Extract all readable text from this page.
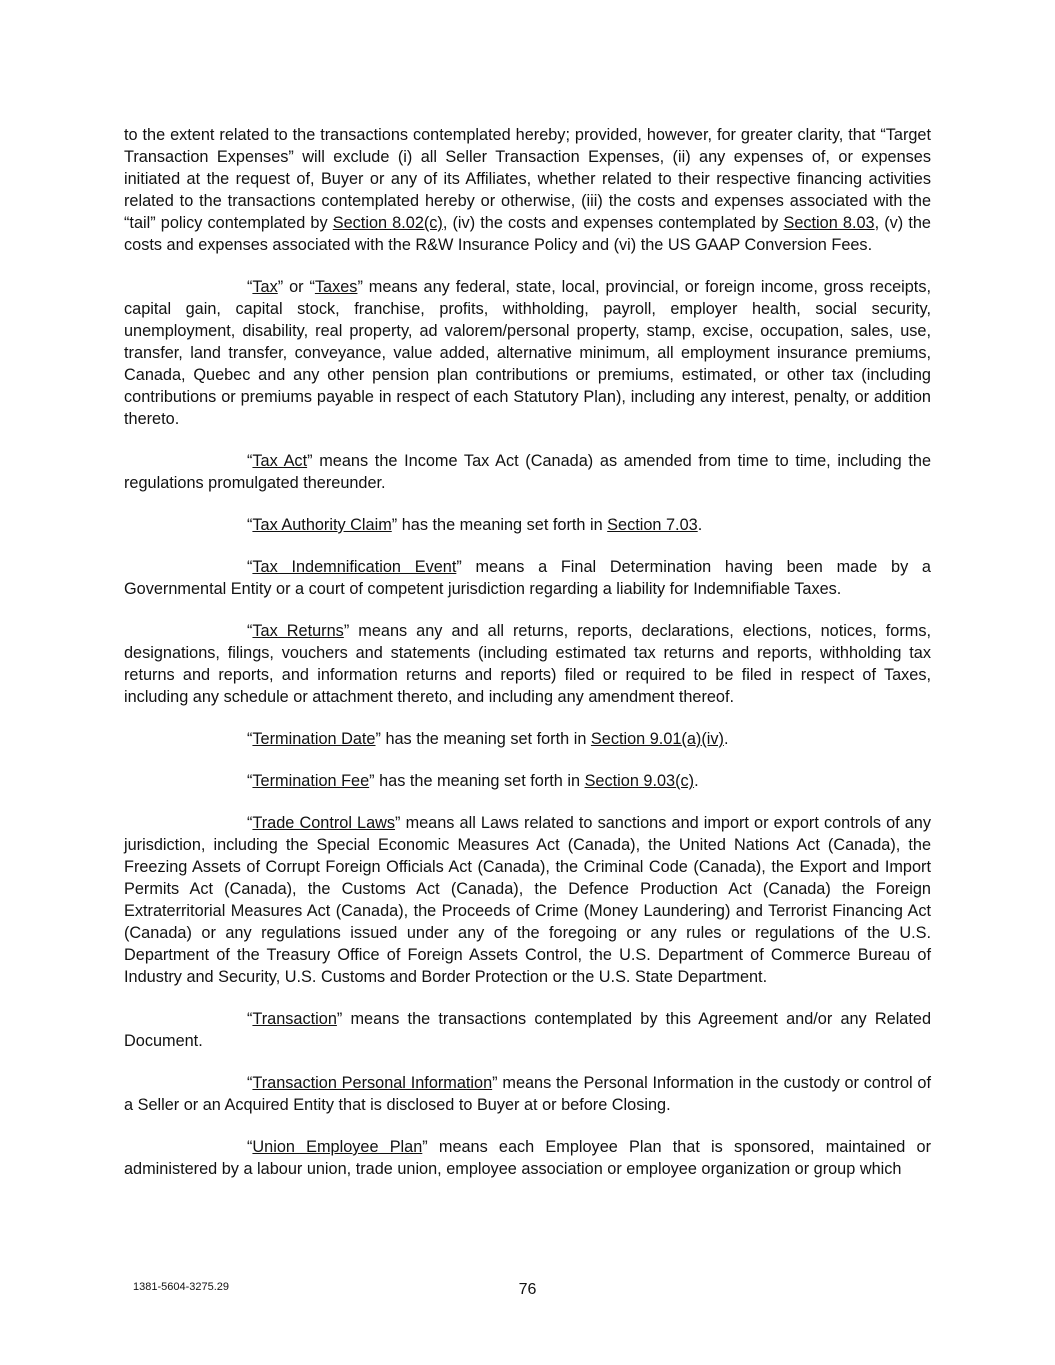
to the extent related to the transactions contemplated hereby; provided, however, for greater clarity, that “Target Transaction Expenses” will exclude (i) all Seller Transaction Expenses, (ii) any expenses of, or expenses initiated at the request of, Buyer or any of its Affiliates, whether related to their respective financing activities related to the transactions contemplated hereby or otherwise, (iii) the costs and expenses associated with the “tail” policy contemplated by Section 8.02(c), (iv) the costs and expenses contemplated by Section 8.03, (v) the costs and expenses associated with the R&W Insurance Policy and (vi) the US GAAP Conversion Fees.

“Tax” or “Taxes” means any federal, state, local, provincial, or foreign income, gross receipts, capital gain, capital stock, franchise, profits, withholding, payroll, employer health, social security, unemployment, disability, real property, ad valorem/personal property, stamp, excise, occupation, sales, use, transfer, land transfer, conveyance, value added, alternative minimum, all employment insurance premiums, Canada, Quebec and any other pension plan contributions or premiums, estimated, or other tax (including contributions or premiums payable in respect of each Statutory Plan), including any interest, penalty, or addition thereto.

“Tax Act” means the Income Tax Act (Canada) as amended from time to time, including the regulations promulgated thereunder.

“Tax Authority Claim” has the meaning set forth in Section 7.03.

“Tax Indemnification Event” means a Final Determination having been made by a Governmental Entity or a court of competent jurisdiction regarding a liability for Indemnifiable Taxes.

“Tax Returns” means any and all returns, reports, declarations, elections, notices, forms, designations, filings, vouchers and statements (including estimated tax returns and reports, withholding tax returns and reports, and information returns and reports) filed or required to be filed in respect of Taxes, including any schedule or attachment thereto, and including any amendment thereof.

“Termination Date” has the meaning set forth in Section 9.01(a)(iv).

“Termination Fee” has the meaning set forth in Section 9.03(c).

“Trade Control Laws” means all Laws related to sanctions and import or export controls of any jurisdiction, including the Special Economic Measures Act (Canada), the United Nations Act (Canada), the Freezing Assets of Corrupt Foreign Officials Act (Canada), the Criminal Code (Canada), the Export and Import Permits Act (Canada), the Customs Act (Canada), the Defence Production Act (Canada) the Foreign Extraterritorial Measures Act (Canada), the Proceeds of Crime (Money Laundering) and Terrorist Financing Act (Canada) or any regulations issued under any of the foregoing or any rules or regulations of the U.S. Department of the Treasury Office of Foreign Assets Control, the U.S. Department of Commerce Bureau of Industry and Security, U.S. Customs and Border Protection or the U.S. State Department.

“Transaction” means the transactions contemplated by this Agreement and/or any Related Document.

“Transaction Personal Information” means the Personal Information in the custody or control of a Seller or an Acquired Entity that is disclosed to Buyer at or before Closing.

“Union Employee Plan” means each Employee Plan that is sponsored, maintained or administered by a labour union, trade union, employee association or employee organization or group which

1381-5604-3275.29	76
